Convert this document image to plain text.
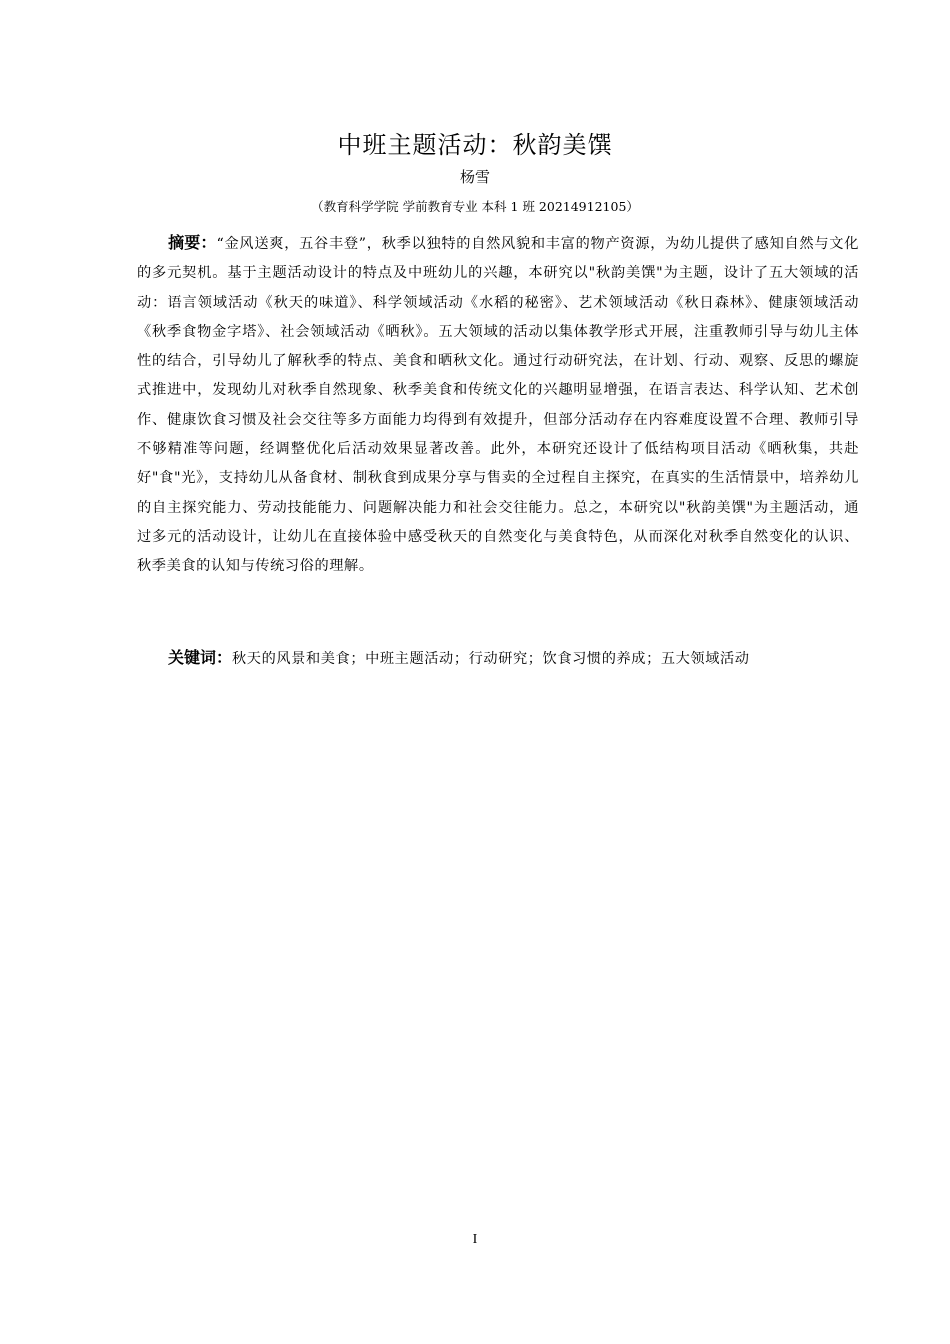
中班主题活动：秋韵美馔
杨雪
（教育科学学院 学前教育专业 本科 1 班 20214912105）

摘要：“金风送爽，五谷丰登”，秋季以独特的自然风貌和丰富的物产资源，为幼儿提供了感知自然与文化的多元契机。基于主题活动设计的特点及中班幼儿的兴趣，本研究以"秋韵美馔"为主题，设计了五大领域的活动：语言领域活动《秋天的味道》、科学领域活动《水稻的秘密》、艺术领域活动《秋日森林》、健康领域活动《秋季食物金字塔》、社会领域活动《晒秋》。五大领域的活动以集体教学形式开展，注重教师引导与幼儿主体性的结合，引导幼儿了解秋季的特点、美食和晒秋文化。通过行动研究法，在计划、行动、观察、反思的螺旋式推进中，发现幼儿对秋季自然现象、秋季美食和传统文化的兴趣明显增强，在语言表达、科学认知、艺术创作、健康饮食习惯及社会交往等多方面能力均得到有效提升，但部分活动存在内容难度设置不合理、教师引导不够精准等问题，经调整优化后活动效果显著改善。此外，本研究还设计了低结构项目活动《晒秋集，共赴好"食"光》，支持幼儿从备食材、制秋食到成果分享与售卖的全过程自主探究，在真实的生活情景中，培养幼儿的自主探究能力、劳动技能能力、问题解决能力和社会交往能力。总之，本研究以"秋韵美馔"为主题活动，通过多元的活动设计，让幼儿在直接体验中感受秋天的自然变化与美食特色，从而深化对秋季自然变化的认识、秋季美食的认知与传统习俗的理解。

关键词：秋天的风景和美食；中班主题活动；行动研究；饮食习惯的养成；五大领域活动

I
